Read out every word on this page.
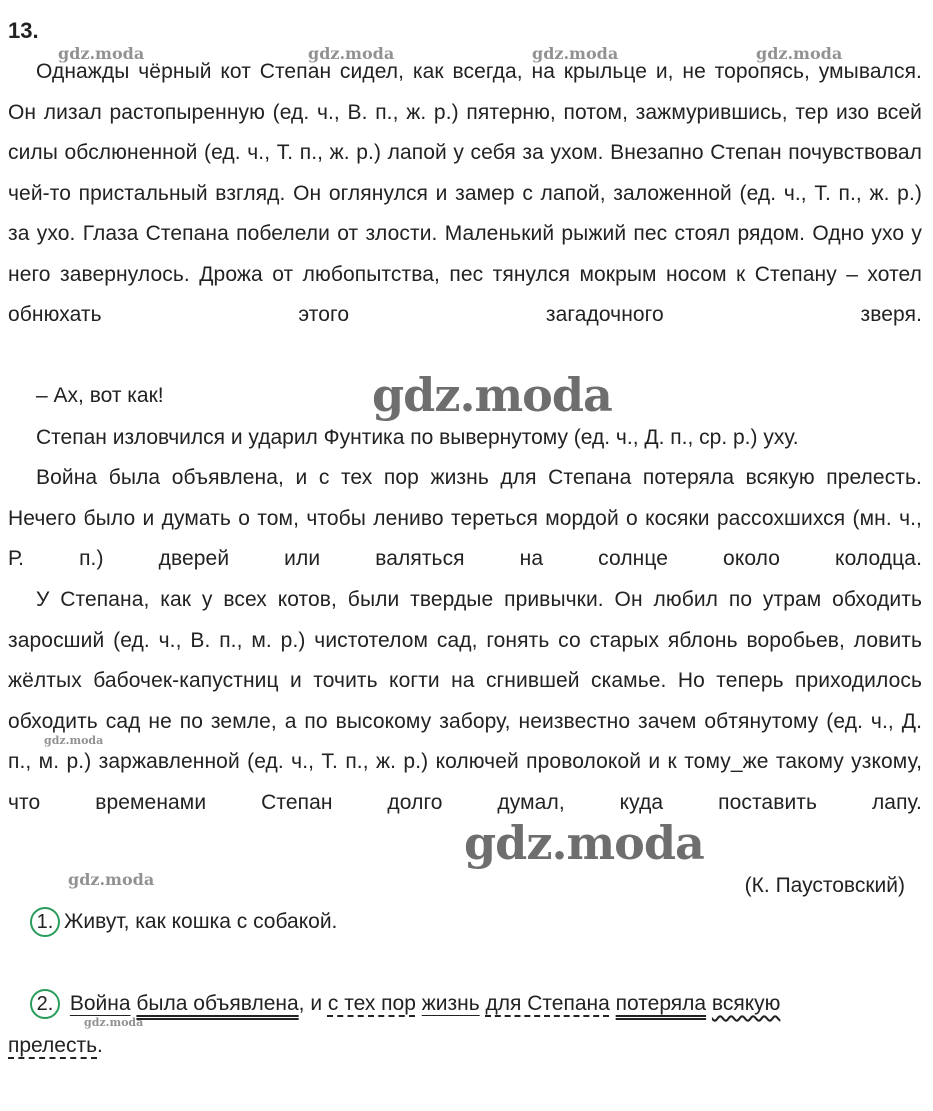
13.

Однажды чёрный кот Степан сидел, как всегда, на крыльце и, не торопясь, умывался. Он лизал растопыренную (ед. ч., В. п., ж. р.) пятерню, потом, зажмурившись, тер изо всей силы обслюненной (ед. ч., Т. п., ж. р.) лапой у себя за ухом. Внезапно Степан почувствовал чей-то пристальный взгляд. Он оглянулся и замер с лапой, заложенной (ед. ч., Т. п., ж. р.) за ухо. Глаза Степана побелели от злости. Маленький рыжий пес стоял рядом. Одно ухо у него завернулось. Дрожа от любопытства, пес тянулся мокрым носом к Степану – хотел обнюхать этого загадочного зверя.

– Ах, вот как!
Степан изловчился и ударил Фунтика по вывернутому (ед. ч., Д. п., ср. р.) уху.

Война была объявлена, и с тех пор жизнь для Степана потеряла всякую прелесть. Нечего было и думать о том, чтобы лениво тереться мордой о косяки рассохшихся (мн. ч., Р. п.) дверей или валяться на солнце около колодца.

У Степана, как у всех котов, были твердые привычки. Он любил по утрам обходить заросший (ед. ч., В. п., м. р.) чистотелом сад, гонять со старых яблонь воробьев, ловить жёлтых бабочек-капустниц и точить когти на сгнившей скамье. Но теперь приходилось обходить сад не по земле, а по высокому забору, неизвестно зачем обтянутому (ед. ч., Д. п., м. р.) заржавленной (ед. ч., Т. п., ж. р.) колючей проволокой и к тому_же такому узкому, что временами Степан долго думал, куда поставить лапу.

(К. Паустовский)
1. Живут, как кошка с собакой.
2. Война была объявлена, и с тех пор жизнь для Степана потеряла всякую
прелесть.
gdz.moda	gdz.moda	gdz.moda	gdz.moda
gdz.moda
gdz.moda
gdz.moda
gdz.moda
gdz.moda
